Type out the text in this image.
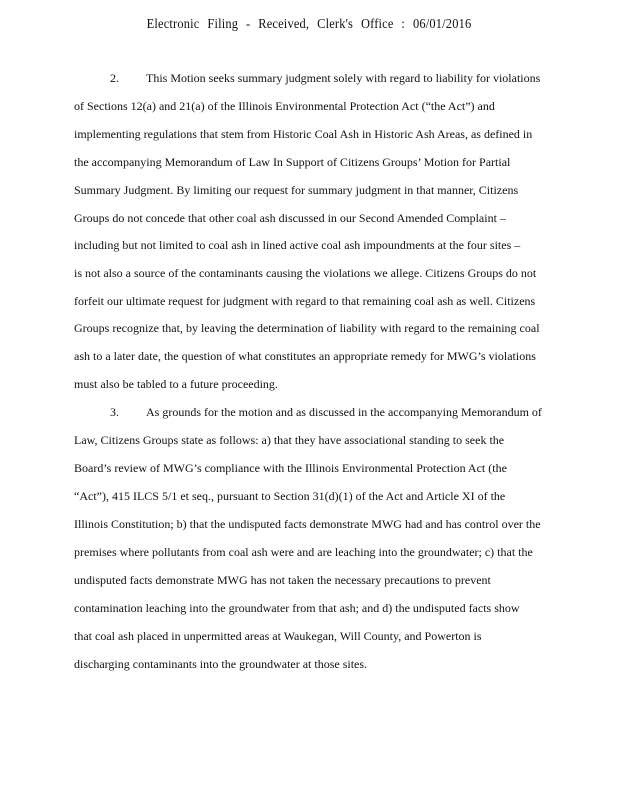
Electronic Filing - Received, Clerk's Office : 06/01/2016
2. This Motion seeks summary judgment solely with regard to liability for violations
of Sections 12(a) and 21(a) of the Illinois Environmental Protection Act (“the Act”) and
implementing regulations that stem from Historic Coal Ash in Historic Ash Areas, as defined in
the accompanying Memorandum of Law In Support of Citizens Groups’ Motion for Partial
Summary Judgment. By limiting our request for summary judgment in that manner, Citizens
Groups do not concede that other coal ash discussed in our Second Amended Complaint –
including but not limited to coal ash in lined active coal ash impoundments at the four sites –
is not also a source of the contaminants causing the violations we allege. Citizens Groups do not
forfeit our ultimate request for judgment with regard to that remaining coal ash as well. Citizens
Groups recognize that, by leaving the determination of liability with regard to the remaining coal
ash to a later date, the question of what constitutes an appropriate remedy for MWG’s violations
must also be tabled to a future proceeding.
3. As grounds for the motion and as discussed in the accompanying Memorandum of
Law, Citizens Groups state as follows: a) that they have associational standing to seek the
Board’s review of MWG’s compliance with the Illinois Environmental Protection Act (the
“Act”), 415 ILCS 5/1 et seq., pursuant to Section 31(d)(1) of the Act and Article XI of the
Illinois Constitution; b) that the undisputed facts demonstrate MWG had and has control over the
premises where pollutants from coal ash were and are leaching into the groundwater; c) that the
undisputed facts demonstrate MWG has not taken the necessary precautions to prevent
contamination leaching into the groundwater from that ash; and d) the undisputed facts show
that coal ash placed in unpermitted areas at Waukegan, Will County, and Powerton is
discharging contaminants into the groundwater at those sites.
